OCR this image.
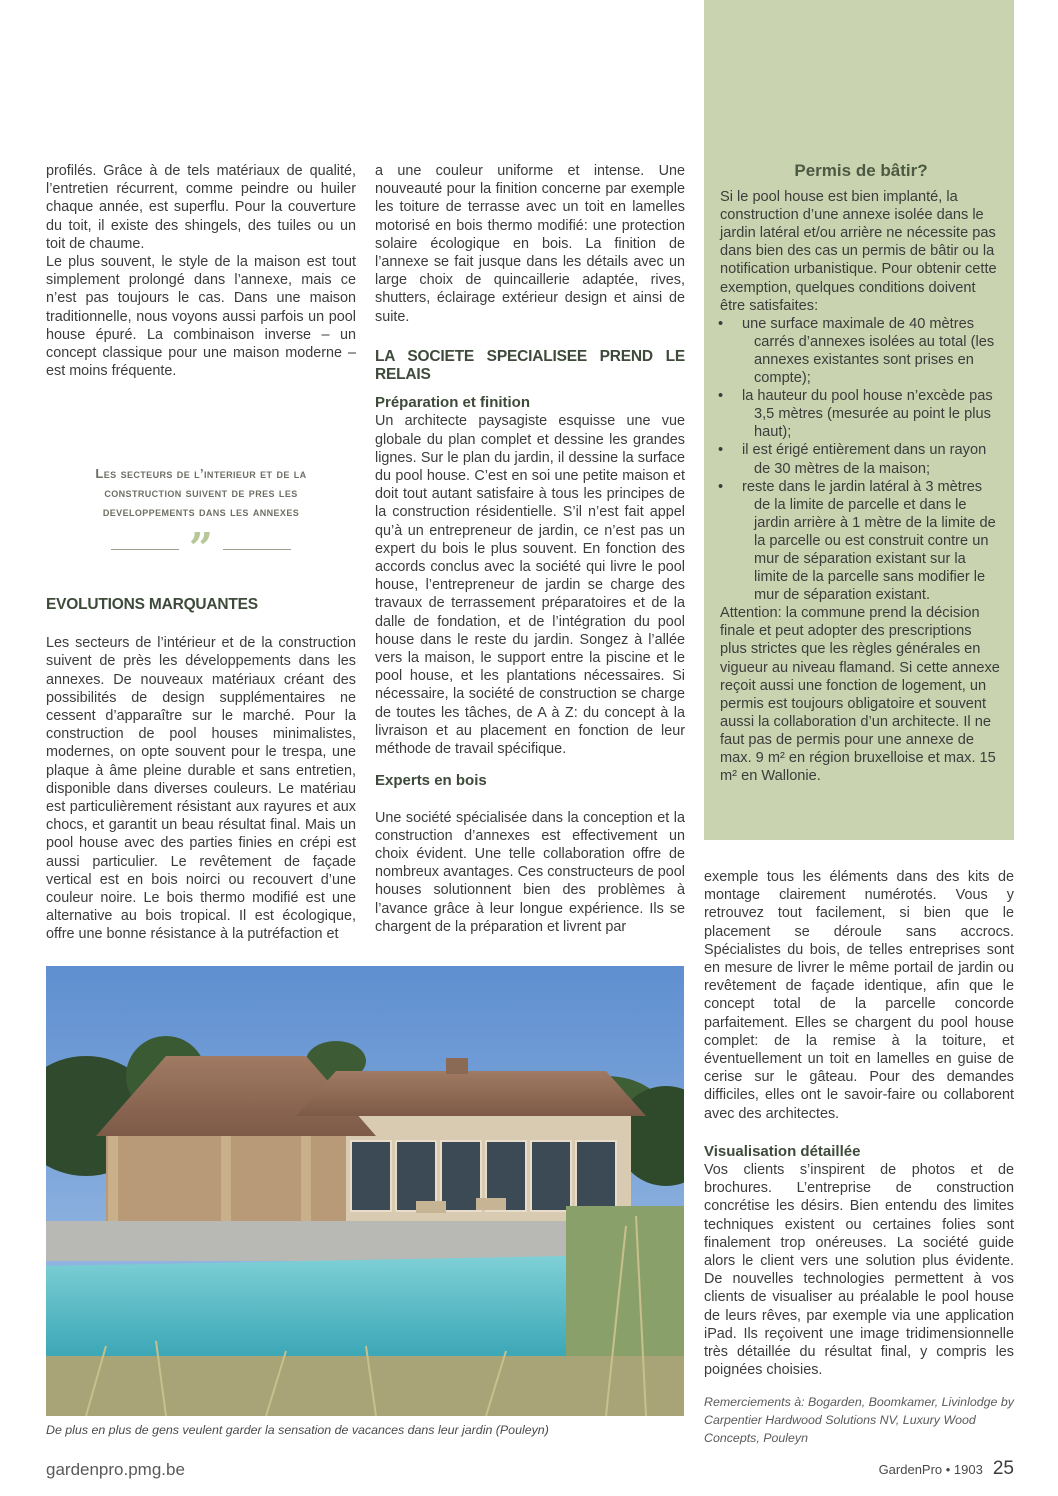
profilés. Grâce à de tels matériaux de qualité, l’entretien récurrent, comme peindre ou huiler chaque année, est superflu. Pour la couverture du toit, il existe des shingels, des tuiles ou un toit de chaume.

Le plus souvent, le style de la maison est tout simplement prolongé dans l’annexe, mais ce n’est pas toujours le cas. Dans une maison traditionnelle, nous voyons aussi parfois un pool house épuré. La combinaison inverse – un concept classique pour une maison moderne – est moins fréquente.

Les secteurs de l’interieur et de la
construction suivent de pres les
developpements dans les annexes
”
EVOLUTIONS MARQUANTES

Les secteurs de l’intérieur et de la construction suivent de près les développements dans les annexes. De nouveaux matériaux créant des possibilités de design supplémentaires ne cessent d’apparaître sur le marché. Pour la construction de pool houses minimalistes, modernes, on opte souvent pour le trespa, une plaque à âme pleine durable et sans entretien, disponible dans diverses couleurs. Le matériau est particulièrement résistant aux rayures et aux chocs, et garantit un beau résultat final. Mais un pool house avec des parties finies en crépi est aussi particulier. Le revêtement de façade vertical est en bois noirci ou recouvert d’une couleur noire. Le bois thermo modifié est une alternative au bois tropical. Il est écologique, offre une bonne résistance à la putréfaction et

a une couleur uniforme et intense. Une nouveauté pour la finition concerne par exemple les toiture de terrasse avec un toit en lamelles motorisé en bois thermo modifié: une protection solaire écologique en bois. La finition de l’annexe se fait jusque dans les détails avec un large choix de quincaillerie adaptée, rives, shutters, éclairage extérieur design et ainsi de suite.

LA SOCIETE SPECIALISEE PREND LE RELAIS
Préparation et finition

Un architecte paysagiste esquisse une vue globale du plan complet et dessine les grandes lignes. Sur le plan du jardin, il dessine la surface du pool house. C’est en soi une petite maison et doit tout autant satisfaire à tous les principes de la construction résidentielle. S’il n’est fait appel qu’à un entrepreneur de jardin, ce n’est pas un expert du bois le plus souvent. En fonction des accords conclus avec la société qui livre le pool house, l’entrepreneur de jardin se charge des travaux de terrassement préparatoires et de la dalle de fondation, et de l’intégration du pool house dans le reste du jardin. Songez à l’allée vers la maison, le support entre la piscine et le pool house, et les plantations nécessaires. Si nécessaire, la société de construction se charge de toutes les tâches, de A à Z: du concept à la livraison et au placement en fonction de leur méthode de travail spécifique.

Experts en bois

Une société spécialisée dans la conception et la construction d’annexes est effectivement un choix évident. Une telle collaboration offre de nombreux avantages. Ces constructeurs de pool houses solutionnent bien des problèmes à l’avance grâce à leur longue expérience. Ils se chargent de la préparation et livrent par

Permis de bâtir?

Si le pool house est bien implanté, la construction d’une annexe isolée dans le jardin latéral et/ou arrière ne nécessite pas dans bien des cas un permis de bâtir ou la notification urbanistique. Pour obtenir cette exemption, quelques conditions doivent être satisfaites:

• une surface maximale de 40 mètres carrés d’annexes isolées au total (les annexes existantes sont prises en compte);
• la hauteur du pool house n’excède pas 3,5 mètres (mesurée au point le plus haut);
• il est érigé entièrement dans un rayon de 30 mètres de la maison;
• reste dans le jardin latéral à 3 mètres de la limite de parcelle et dans le jardin arrière à 1 mètre de la limite de la parcelle ou est construit contre un mur de séparation existant sur la limite de la parcelle sans modifier le mur de séparation existant.

Attention: la commune prend la décision finale et peut adopter des prescriptions plus strictes que les règles générales en vigueur au niveau flamand. Si cette annexe reçoit aussi une fonction de logement, un permis est toujours obligatoire et souvent aussi la collaboration d’un architecte. Il ne faut pas de permis pour une annexe de max. 9 m² en région bruxelloise et max. 15 m² en Wallonie.

exemple tous les éléments dans des kits de montage clairement numérotés. Vous y retrouvez tout facilement, si bien que le placement se déroule sans accrocs. Spécialistes du bois, de telles entreprises sont en mesure de livrer le même portail de jardin ou revêtement de façade identique, afin que le concept total de la parcelle concorde parfaitement. Elles se chargent du pool house complet: de la remise à la toiture, et éventuellement un toit en lamelles en guise de cerise sur le gâteau. Pour des demandes difficiles, elles ont le savoir-faire ou collaborent avec des architectes.

Visualisation détaillée

Vos clients s’inspirent de photos et de brochures. L’entreprise de construction concrétise les désirs. Bien entendu des limites techniques existent ou certaines folies sont finalement trop onéreuses. La société guide alors le client vers une solution plus évidente. De nouvelles technologies permettent à vos clients de visualiser au préalable le pool house de leurs rêves, par exemple via une application iPad. Ils reçoivent une image tridimensionnelle très détaillée du résultat final, y compris les poignées choisies.

De plus en plus de gens veulent garder la sensation de vacances dans leur jardin (Pouleyn)
Remerciements à: Bogarden, Boomkamer, Livinlodge by Carpentier Hardwood Solutions NV, Luxury Wood Concepts, Pouleyn
gardenpro.pmg.be	GardenPro • 1903 25
